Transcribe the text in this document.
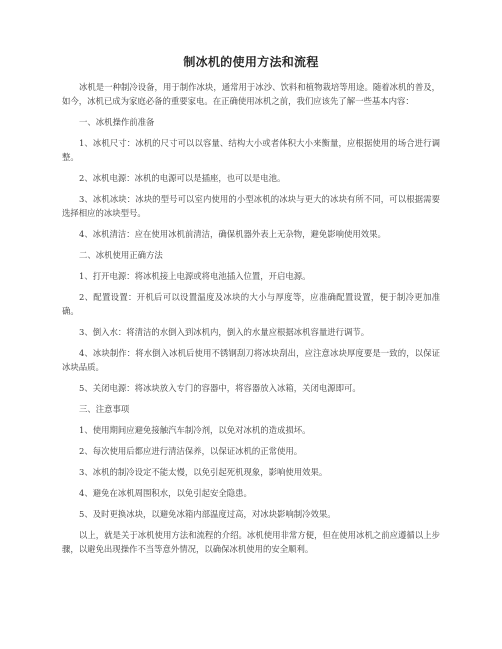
制冰机的使用方法和流程

冰机是一种制冷设备，用于制作冰块，通常用于冰沙、饮料和植物栽培等用途。随着冰机的普及，如今，冰机已成为家庭必备的重要家电。在正确使用冰机之前，我们应该先了解一些基本内容：

一、冰机操作前准备

1、冰机尺寸：冰机的尺寸可以以容量、结构大小或者体积大小来衡量，应根据使用的场合进行调整。

2、冰机电源：冰机的电源可以是插座，也可以是电池。

3、冰机冰块：冰块的型号可以室内使用的小型冰机的冰块与更大的冰块有所不同，可以根据需要选择相应的冰块型号。

4、冰机清洁：应在使用冰机前清洁，确保机器外表上无杂物，避免影响使用效果。

二、冰机使用正确方法

1、打开电源：将冰机接上电源或将电池插入位置，开启电源。

2、配置设置：开机后可以设置温度及冰块的大小与厚度等，应准确配置设置，便于制冷更加准确。

3、倒入水：将清洁的水倒入到冰机内，倒入的水量应根据冰机容量进行调节。

4、冰块制作：将水倒入冰机后使用不锈钢刮刀将冰块刮出，应注意冰块厚度要是一致的，以保证冰块品质。

5、关闭电源：将冰块放入专门的容器中，将容器放入冰箱，关闭电源即可。

三、注意事项

1、使用期间应避免接触汽车制冷剂，以免对冰机的造成损坏。

2、每次使用后都应进行清洁保养，以保证冰机的正常使用。

3、冰机的制冷设定不能太慢，以免引起死机现象，影响使用效果。

4、避免在冰机周围积水，以免引起安全隐患。

5、及时更换冰块，以避免冰箱内部温度过高，对冰块影响制冷效果。

以上，就是关于冰机使用方法和流程的介绍。冰机使用非常方便，但在使用冰机之前应遵循以上步骤，以避免出现操作不当等意外情况，以确保冰机使用的安全顺利。
